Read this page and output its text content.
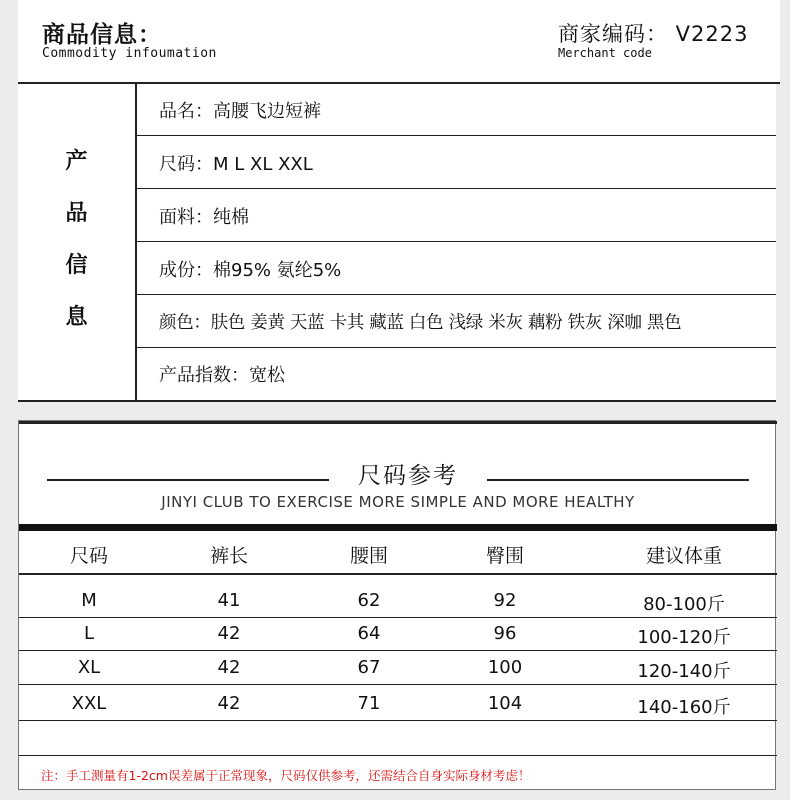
商品信息：
Commodity infoumation
商家编码： V2223
Merchant code
产
品
信
息
品名：高腰飞边短裤
尺码：M L XL XXL
面料：纯棉
成份：棉95% 氨纶5%
颜色：肤色 姜黄 天蓝 卡其 藏蓝 白色 浅绿 米灰 藕粉 铁灰 深咖 黑色
产品指数：宽松
尺码参考
JINYI CLUB TO EXERCISE MORE SIMPLE AND MORE HEALTHY
尺码	裤长	腰围	臀围	建议体重
M	41	62	92	80-100斤
L	42	64	96	100-120斤
XL	42	67	100	120-140斤
XXL	42	71	104	140-160斤
注：手工测量有1-2cm误差属于正常现象，尺码仅供参考，还需结合自身实际身材考虑！
